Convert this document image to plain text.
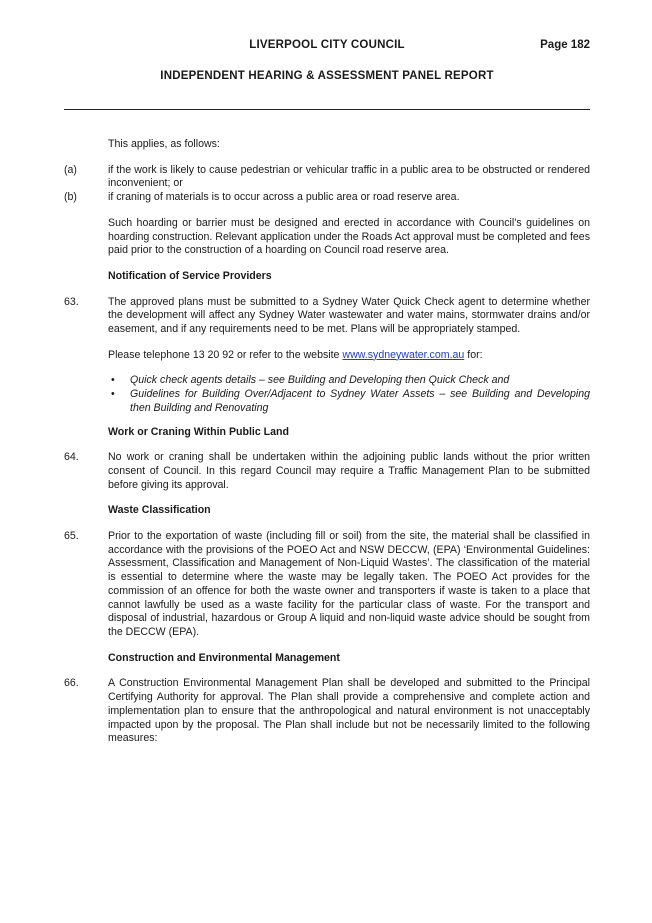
LIVERPOOL CITY COUNCIL	Page 182
INDEPENDENT HEARING & ASSESSMENT PANEL REPORT
This applies, as follows:
(a)	if the work is likely to cause pedestrian or vehicular traffic in a public area to be obstructed or rendered inconvenient; or
(b)	if craning of materials is to occur across a public area or road reserve area.
Such hoarding or barrier must be designed and erected in accordance with Council’s guidelines on hoarding construction. Relevant application under the Roads Act approval must be completed and fees paid prior to the construction of a hoarding on Council road reserve area.
Notification of Service Providers
63.	The approved plans must be submitted to a Sydney Water Quick Check agent to determine whether the development will affect any Sydney Water wastewater and water mains, stormwater drains and/or easement, and if any requirements need to be met. Plans will be appropriately stamped.
Please telephone 13 20 92 or refer to the website www.sydneywater.com.au for:
• Quick check agents details – see Building and Developing then Quick Check and
• Guidelines for Building Over/Adjacent to Sydney Water Assets – see Building and Developing then Building and Renovating
Work or Craning Within Public Land
64.	No work or craning shall be undertaken within the adjoining public lands without the prior written consent of Council. In this regard Council may require a Traffic Management Plan to be submitted before giving its approval.
Waste Classification
65.	Prior to the exportation of waste (including fill or soil) from the site, the material shall be classified in accordance with the provisions of the POEO Act and NSW DECCW, (EPA) ‘Environmental Guidelines: Assessment, Classification and Management of Non-Liquid Wastes’. The classification of the material is essential to determine where the waste may be legally taken. The POEO Act provides for the commission of an offence for both the waste owner and transporters if waste is taken to a place that cannot lawfully be used as a waste facility for the particular class of waste. For the transport and disposal of industrial, hazardous or Group A liquid and non-liquid waste advice should be sought from the DECCW (EPA).
Construction and Environmental Management
66.	A Construction Environmental Management Plan shall be developed and submitted to the Principal Certifying Authority for approval. The Plan shall provide a comprehensive and complete action and implementation plan to ensure that the anthropological and natural environment is not unacceptably impacted upon by the proposal. The Plan shall include but not be necessarily limited to the following measures:
